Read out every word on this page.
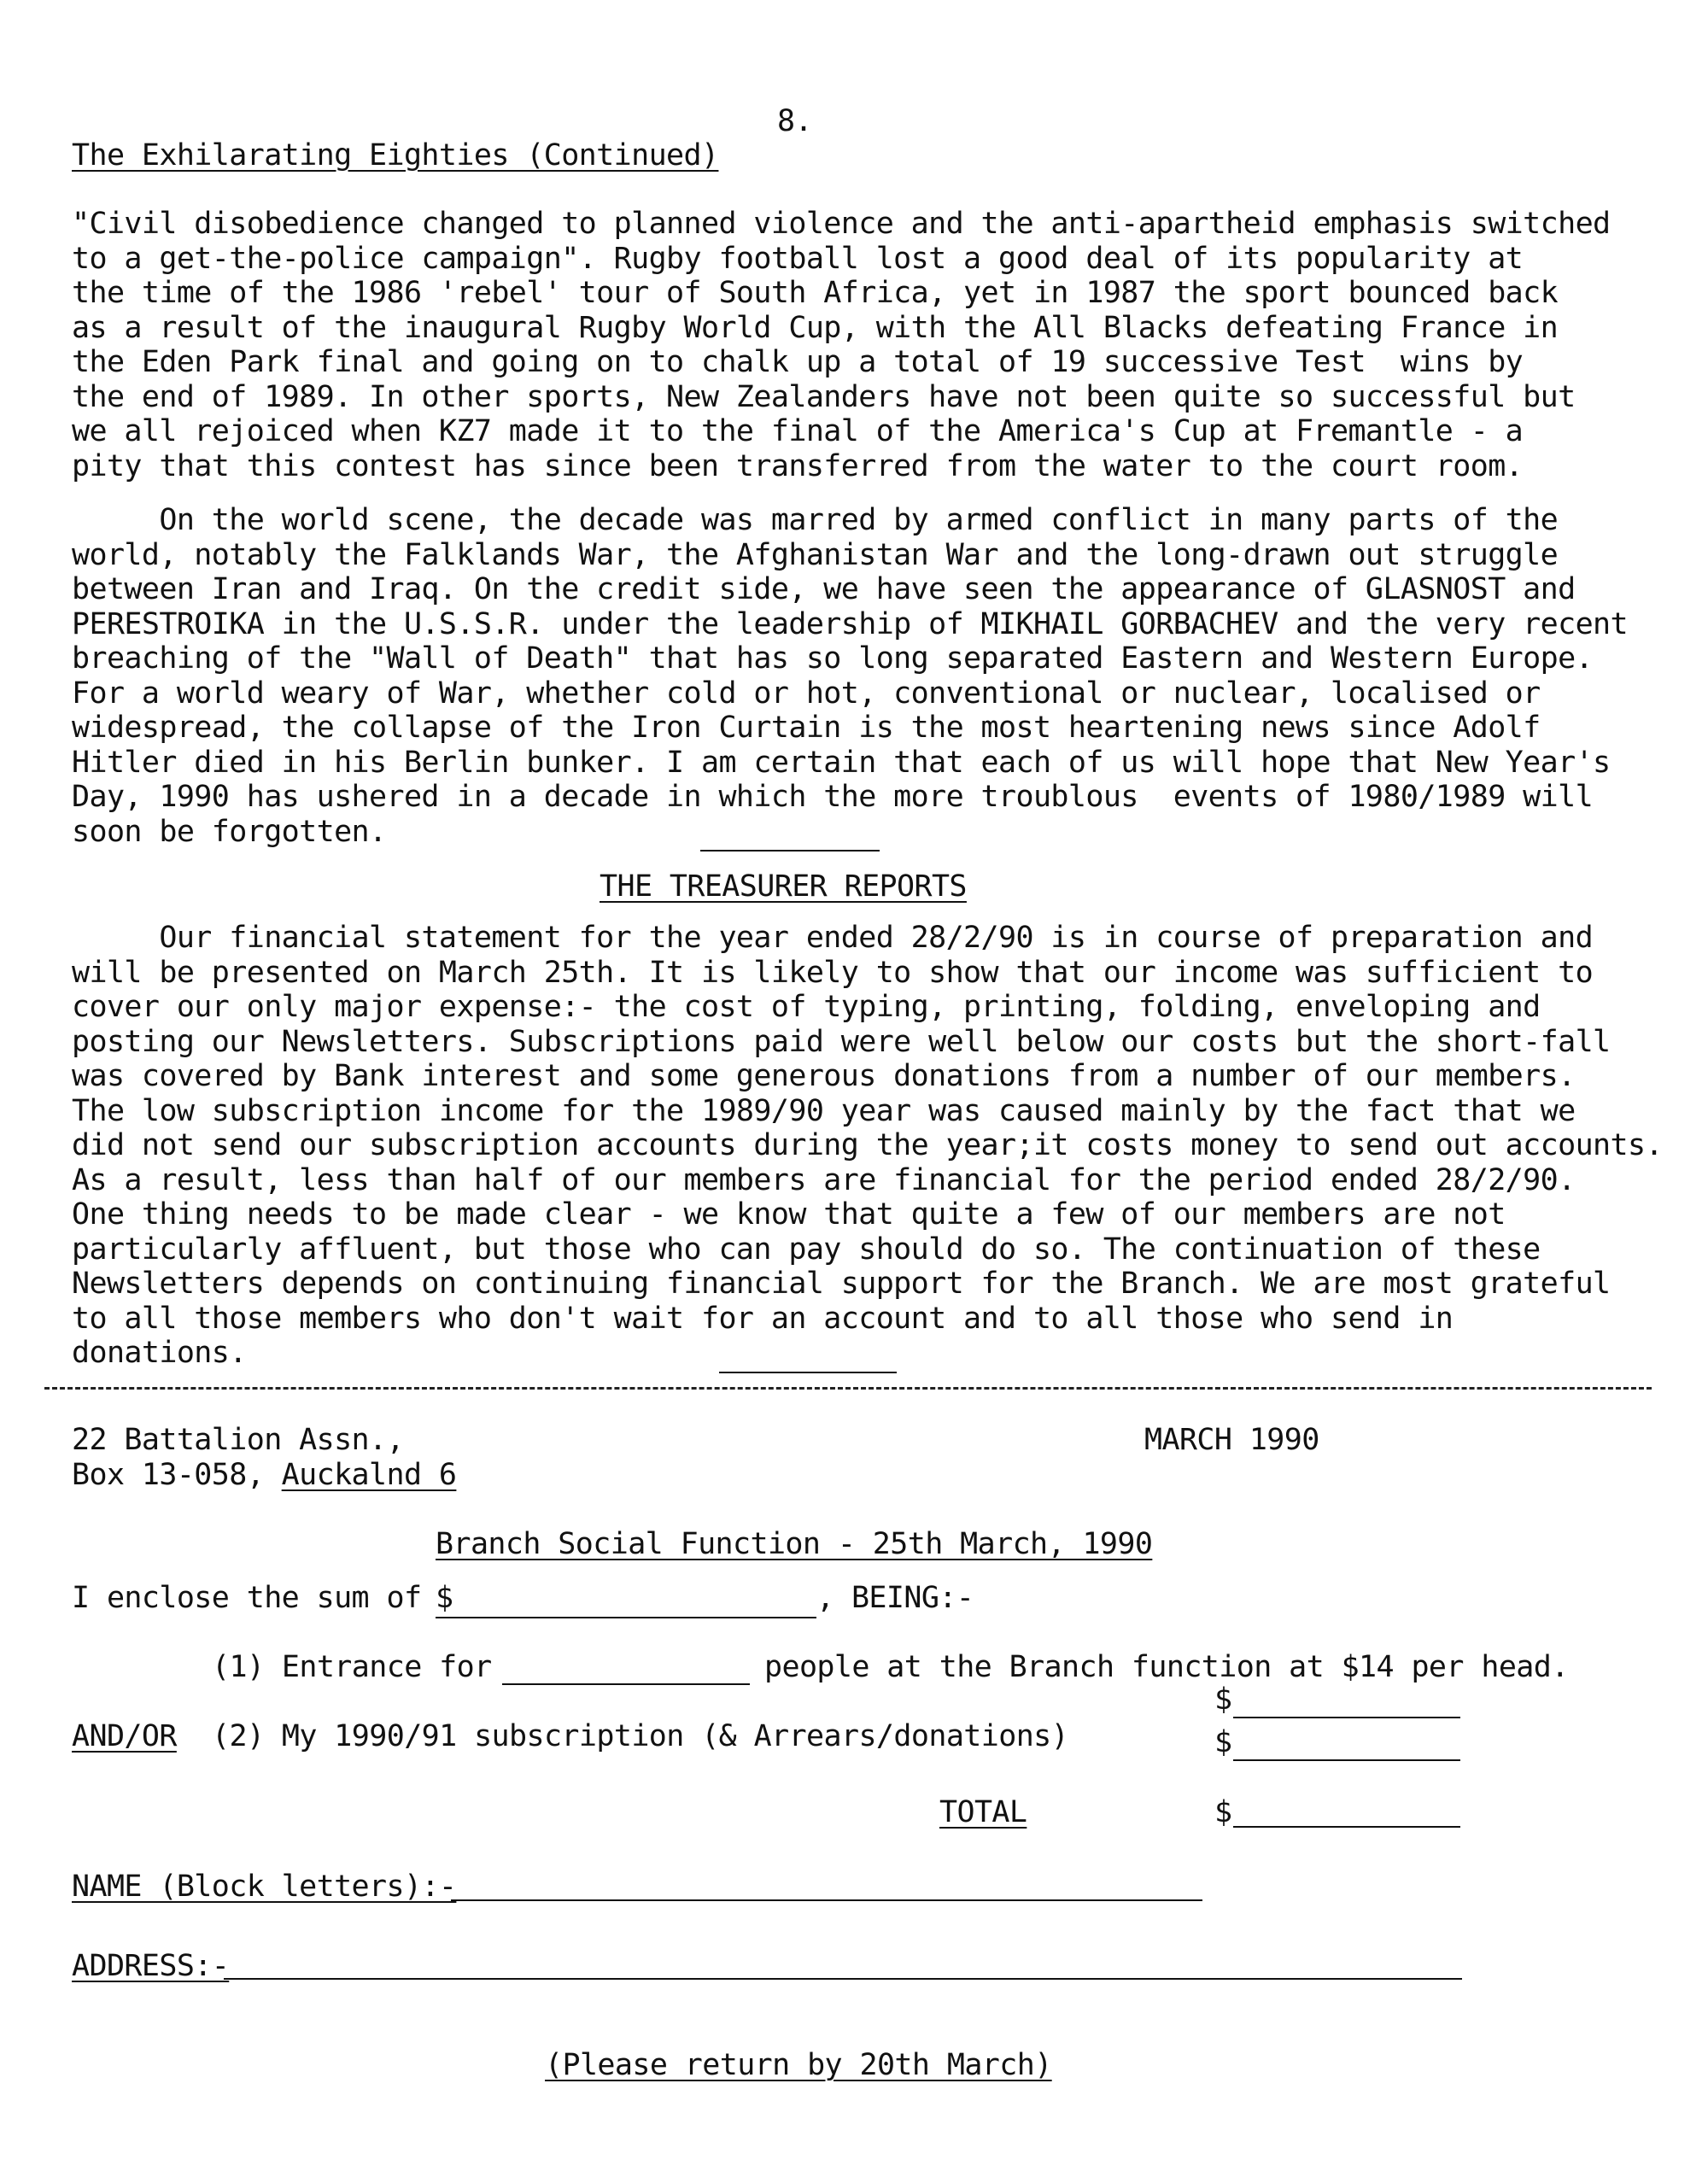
8.
The Exhilarating Eighties (Continued)
"Civil disobedience changed to planned violence and the anti-apartheid emphasis switched
to a get-the-police campaign". Rugby football lost a good deal of its popularity at
the time of the 1986 'rebel' tour of South Africa, yet in 1987 the sport bounced back
as a result of the inaugural Rugby World Cup, with the All Blacks defeating France in
the Eden Park final and going on to chalk up a total of 19 successive Test  wins by
the end of 1989. In other sports, New Zealanders have not been quite so successful but
we all rejoiced when KZ7 made it to the final of the America's Cup at Fremantle - a
pity that this contest has since been transferred from the water to the court room.
On the world scene, the decade was marred by armed conflict in many parts of the
world, notably the Falklands War, the Afghanistan War and the long-drawn out struggle
between Iran and Iraq. On the credit side, we have seen the appearance of GLASNOST and
PERESTROIKA in the U.S.S.R. under the leadership of MIKHAIL GORBACHEV and the very recent
breaching of the "Wall of Death" that has so long separated Eastern and Western Europe.
For a world weary of War, whether cold or hot, conventional or nuclear, localised or
widespread, the collapse of the Iron Curtain is the most heartening news since Adolf
Hitler died in his Berlin bunker. I am certain that each of us will hope that New Year's
Day, 1990 has ushered in a decade in which the more troublous  events of 1980/1989 will
soon be forgotten.
THE TREASURER REPORTS
Our financial statement for the year ended 28/2/90 is in course of preparation and
will be presented on March 25th. It is likely to show that our income was sufficient to
cover our only major expense:- the cost of typing, printing, folding, enveloping and
posting our Newsletters. Subscriptions paid were well below our costs but the short-fall
was covered by Bank interest and some generous donations from a number of our members.
The low subscription income for the 1989/90 year was caused mainly by the fact that we
did not send our subscription accounts during the year;it costs money to send out accounts.
As a result, less than half of our members are financial for the period ended 28/2/90.
One thing needs to be made clear - we know that quite a few of our members are not
particularly affluent, but those who can pay should do so. The continuation of these
Newsletters depends on continuing financial support for the Branch. We are most grateful
to all those members who don't wait for an account and to all those who send in
donations.
22 Battalion Assn.,
Box 13-058, Auckalnd 6
MARCH 1990
Branch Social Function - 25th March, 1990
I enclose the sum of
$	, BEING:-
(1) Entrance for	people at the Branch function at $14 per head.
$
AND/OR (2) My 1990/91 subscription (& Arrears/donations)	$
TOTAL	$
NAME (Block letters):-
ADDRESS:-
(Please return by 20th March)
